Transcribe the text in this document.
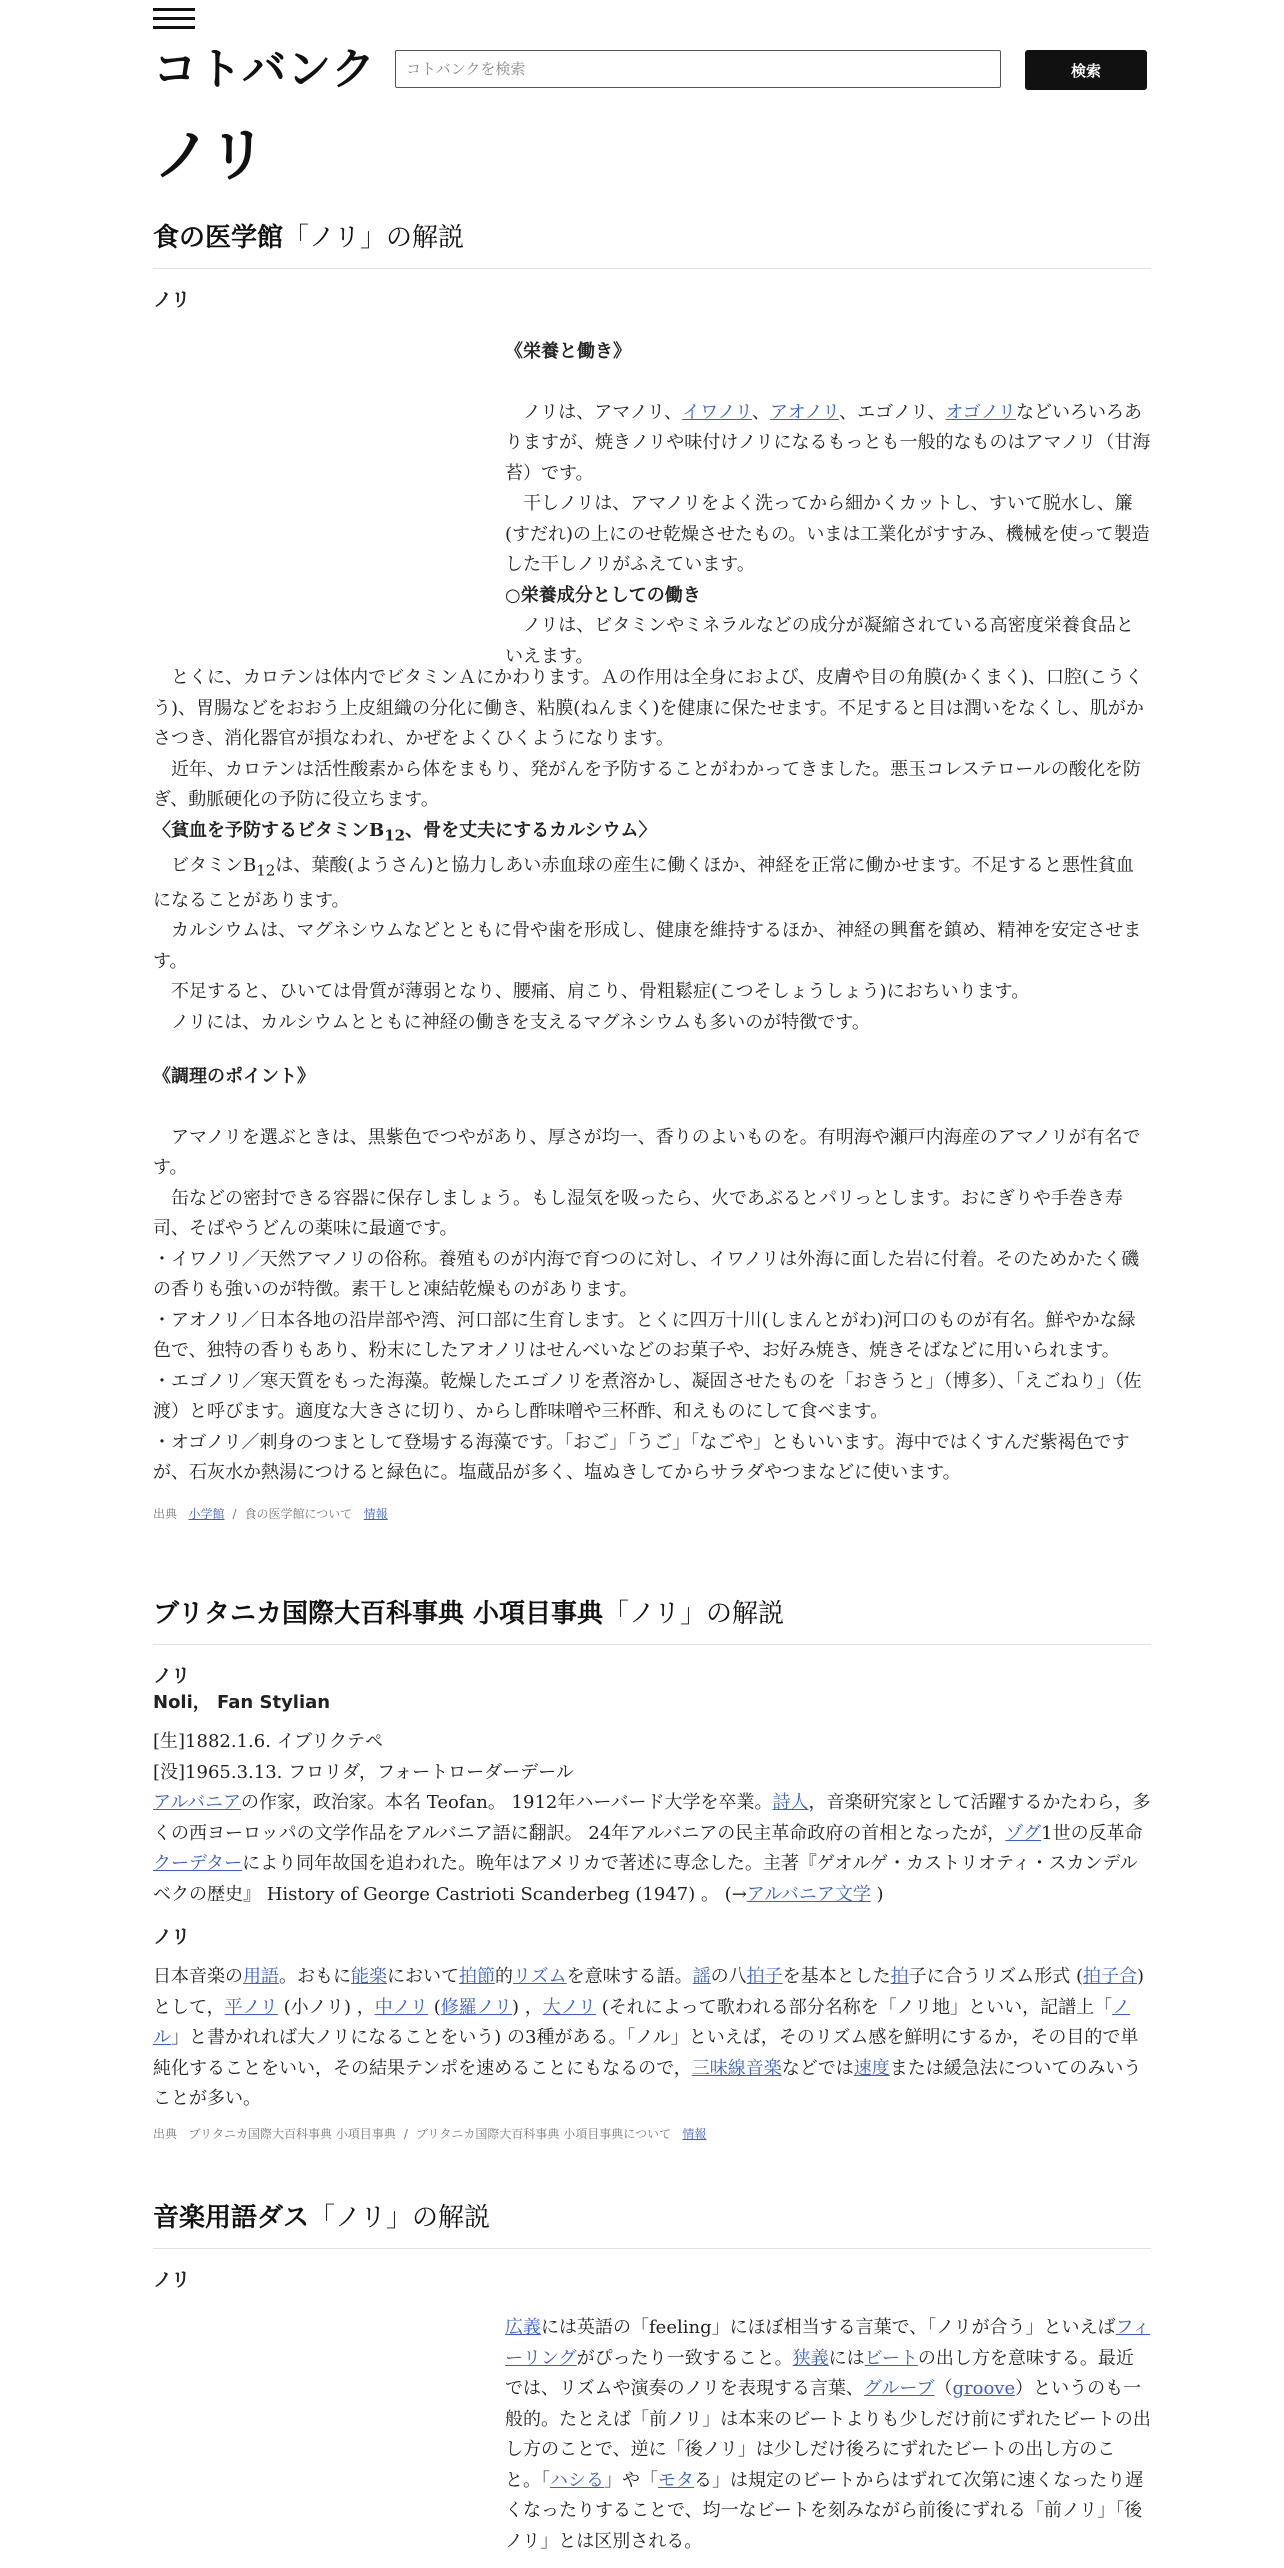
コトバンク
コトバンクを検索	検索
ノリ
食の医学館「ノリ」の解説
ノリ

《栄養と働き》

ノリは、アマノリ、イワノリ、アオノリ、エゴノリ、オゴノリなどいろいろありますが、焼きノリや味付けノリになるもっとも一般的なものはアマノリ（甘海苔）です。

干しノリは、アマノリをよく洗ってから細かくカットし、すいて脱水し、簾(すだれ)の上にのせ乾燥させたもの。いまは工業化がすすみ、機械を使って製造した干しノリがふえています。

○栄養成分としての働き

ノリは、ビタミンやミネラルなどの成分が凝縮されている高密度栄養食品といえます。

とくに、カロテンは体内でビタミンＡにかわります。Ａの作用は全身におよび、皮膚や目の角膜(かくまく)、口腔(こうくう)、胃腸などをおおう上皮組織の分化に働き、粘膜(ねんまく)を健康に保たせます。不足すると目は潤いをなくし、肌がかさつき、消化器官が損なわれ、かぜをよくひくようになります。

近年、カロテンは活性酸素から体をまもり、発がんを予防することがわかってきました。悪玉コレステロールの酸化を防ぎ、動脈硬化の予防に役立ちます。

〈貧血を予防するビタミン$B_{12}$、骨を丈夫にするカルシウム〉

ビタミン$B_{12}$は、葉酸(ようさん)と協力しあい赤血球の産生に働くほか、神経を正常に働かせます。不足すると悪性貧血になることがあります。

カルシウムは、マグネシウムなどとともに骨や歯を形成し、健康を維持するほか、神経の興奮を鎮め、精神を安定させます。

不足すると、ひいては骨質が薄弱となり、腰痛、肩こり、骨粗鬆症(こつそしょうしょう)におちいります。

ノリには、カルシウムとともに神経の働きを支えるマグネシウムも多いのが特徴です。

《調理のポイント》

アマノリを選ぶときは、黒紫色でつやがあり、厚さが均一、香りのよいものを。有明海や瀬戸内海産のアマノリが有名です。

缶などの密封できる容器に保存しましょう。もし湿気を吸ったら、火であぶるとパリっとします。おにぎりや手巻き寿司、そばやうどんの薬味に最適です。

・イワノリ／天然アマノリの俗称。養殖ものが内海で育つのに対し、イワノリは外海に面した岩に付着。そのためかたく磯の香りも強いのが特徴。素干しと凍結乾燥ものがあります。

・アオノリ／日本各地の沿岸部や湾、河口部に生育します。とくに四万十川(しまんとがわ)河口のものが有名。鮮やかな緑色で、独特の香りもあり、粉末にしたアオノリはせんべいなどのお菓子や、お好み焼き、焼きそばなどに用いられます。

・エゴノリ／寒天質をもった海藻。乾燥したエゴノリを煮溶かし、凝固させたものを「おきうと」（博多）、「えごねり」（佐渡）と呼びます。適度な大きさに切り、からし酢味噌や三杯酢、和えものにして食べます。

・オゴノリ／刺身のつまとして登場する海藻です。「おご」「うご」「なごや」ともいいます。海中ではくすんだ紫褐色ですが、石灰水か熱湯につけると緑色に。塩蔵品が多く、塩ぬきしてからサラダやつまなどに使います。

出典 小学館 / 食の医学館について 情報
ブリタニカ国際大百科事典 小項目事典「ノリ」の解説
ノリ
Noli， Fan Stylian

[生]1882.1.6. イブリクテペ

[没]1965.3.13. フロリダ，フォートローダーデール

アルバニアの作家，政治家。本名 Teofan。 1912年ハーバード大学を卒業。詩人，音楽研究家として活躍するかたわら，多くの西ヨーロッパの文学作品をアルバニア語に翻訳。 24年アルバニアの民主革命政府の首相となったが，ゾグ1世の反革命クーデターにより同年故国を追われた。晩年はアメリカで著述に専念した。主著『ゲオルゲ・カストリオティ・スカンデルベクの歴史』 History of George Castrioti Scanderbeg (1947) 。 (→アルバニア文学 )

ノリ

日本音楽の用語。おもに能楽において拍節的リズムを意味する語。謡の八拍子を基本とした拍子に合うリズム形式 (拍子合) として，平ノリ (小ノリ) ，中ノリ (修羅ノリ) ，大ノリ (それによって歌われる部分名称を「ノリ地」といい，記譜上「ノル」と書かれれば大ノリになることをいう) の3種がある。「ノル」といえば，そのリズム感を鮮明にするか，その目的で単純化することをいい，その結果テンポを速めることにもなるので，三味線音楽などでは速度または緩急法についてのみいうことが多い。

出典 ブリタニカ国際大百科事典 小項目事典 / ブリタニカ国際大百科事典 小項目事典について 情報
音楽用語ダス「ノリ」の解説
ノリ

広義には英語の「feeling」にほぼ相当する言葉で、「ノリが合う」といえばフィーリングがぴったり一致すること。狭義にはビートの出し方を意味する。最近では、リズムや演奏のノリを表現する言葉、グルーブ（groove）というのも一般的。たとえば「前ノリ」は本来のビートよりも少しだけ前にずれたビートの出し方のことで、逆に「後ノリ」は少しだけ後ろにずれたビートの出し方のこと。「ハシる」や「モタる」は規定のビートからはずれて次第に速くなったり遅くなったりすることで、均一なビートを刻みながら前後にずれる「前ノリ」「後ノリ」とは区別される。
